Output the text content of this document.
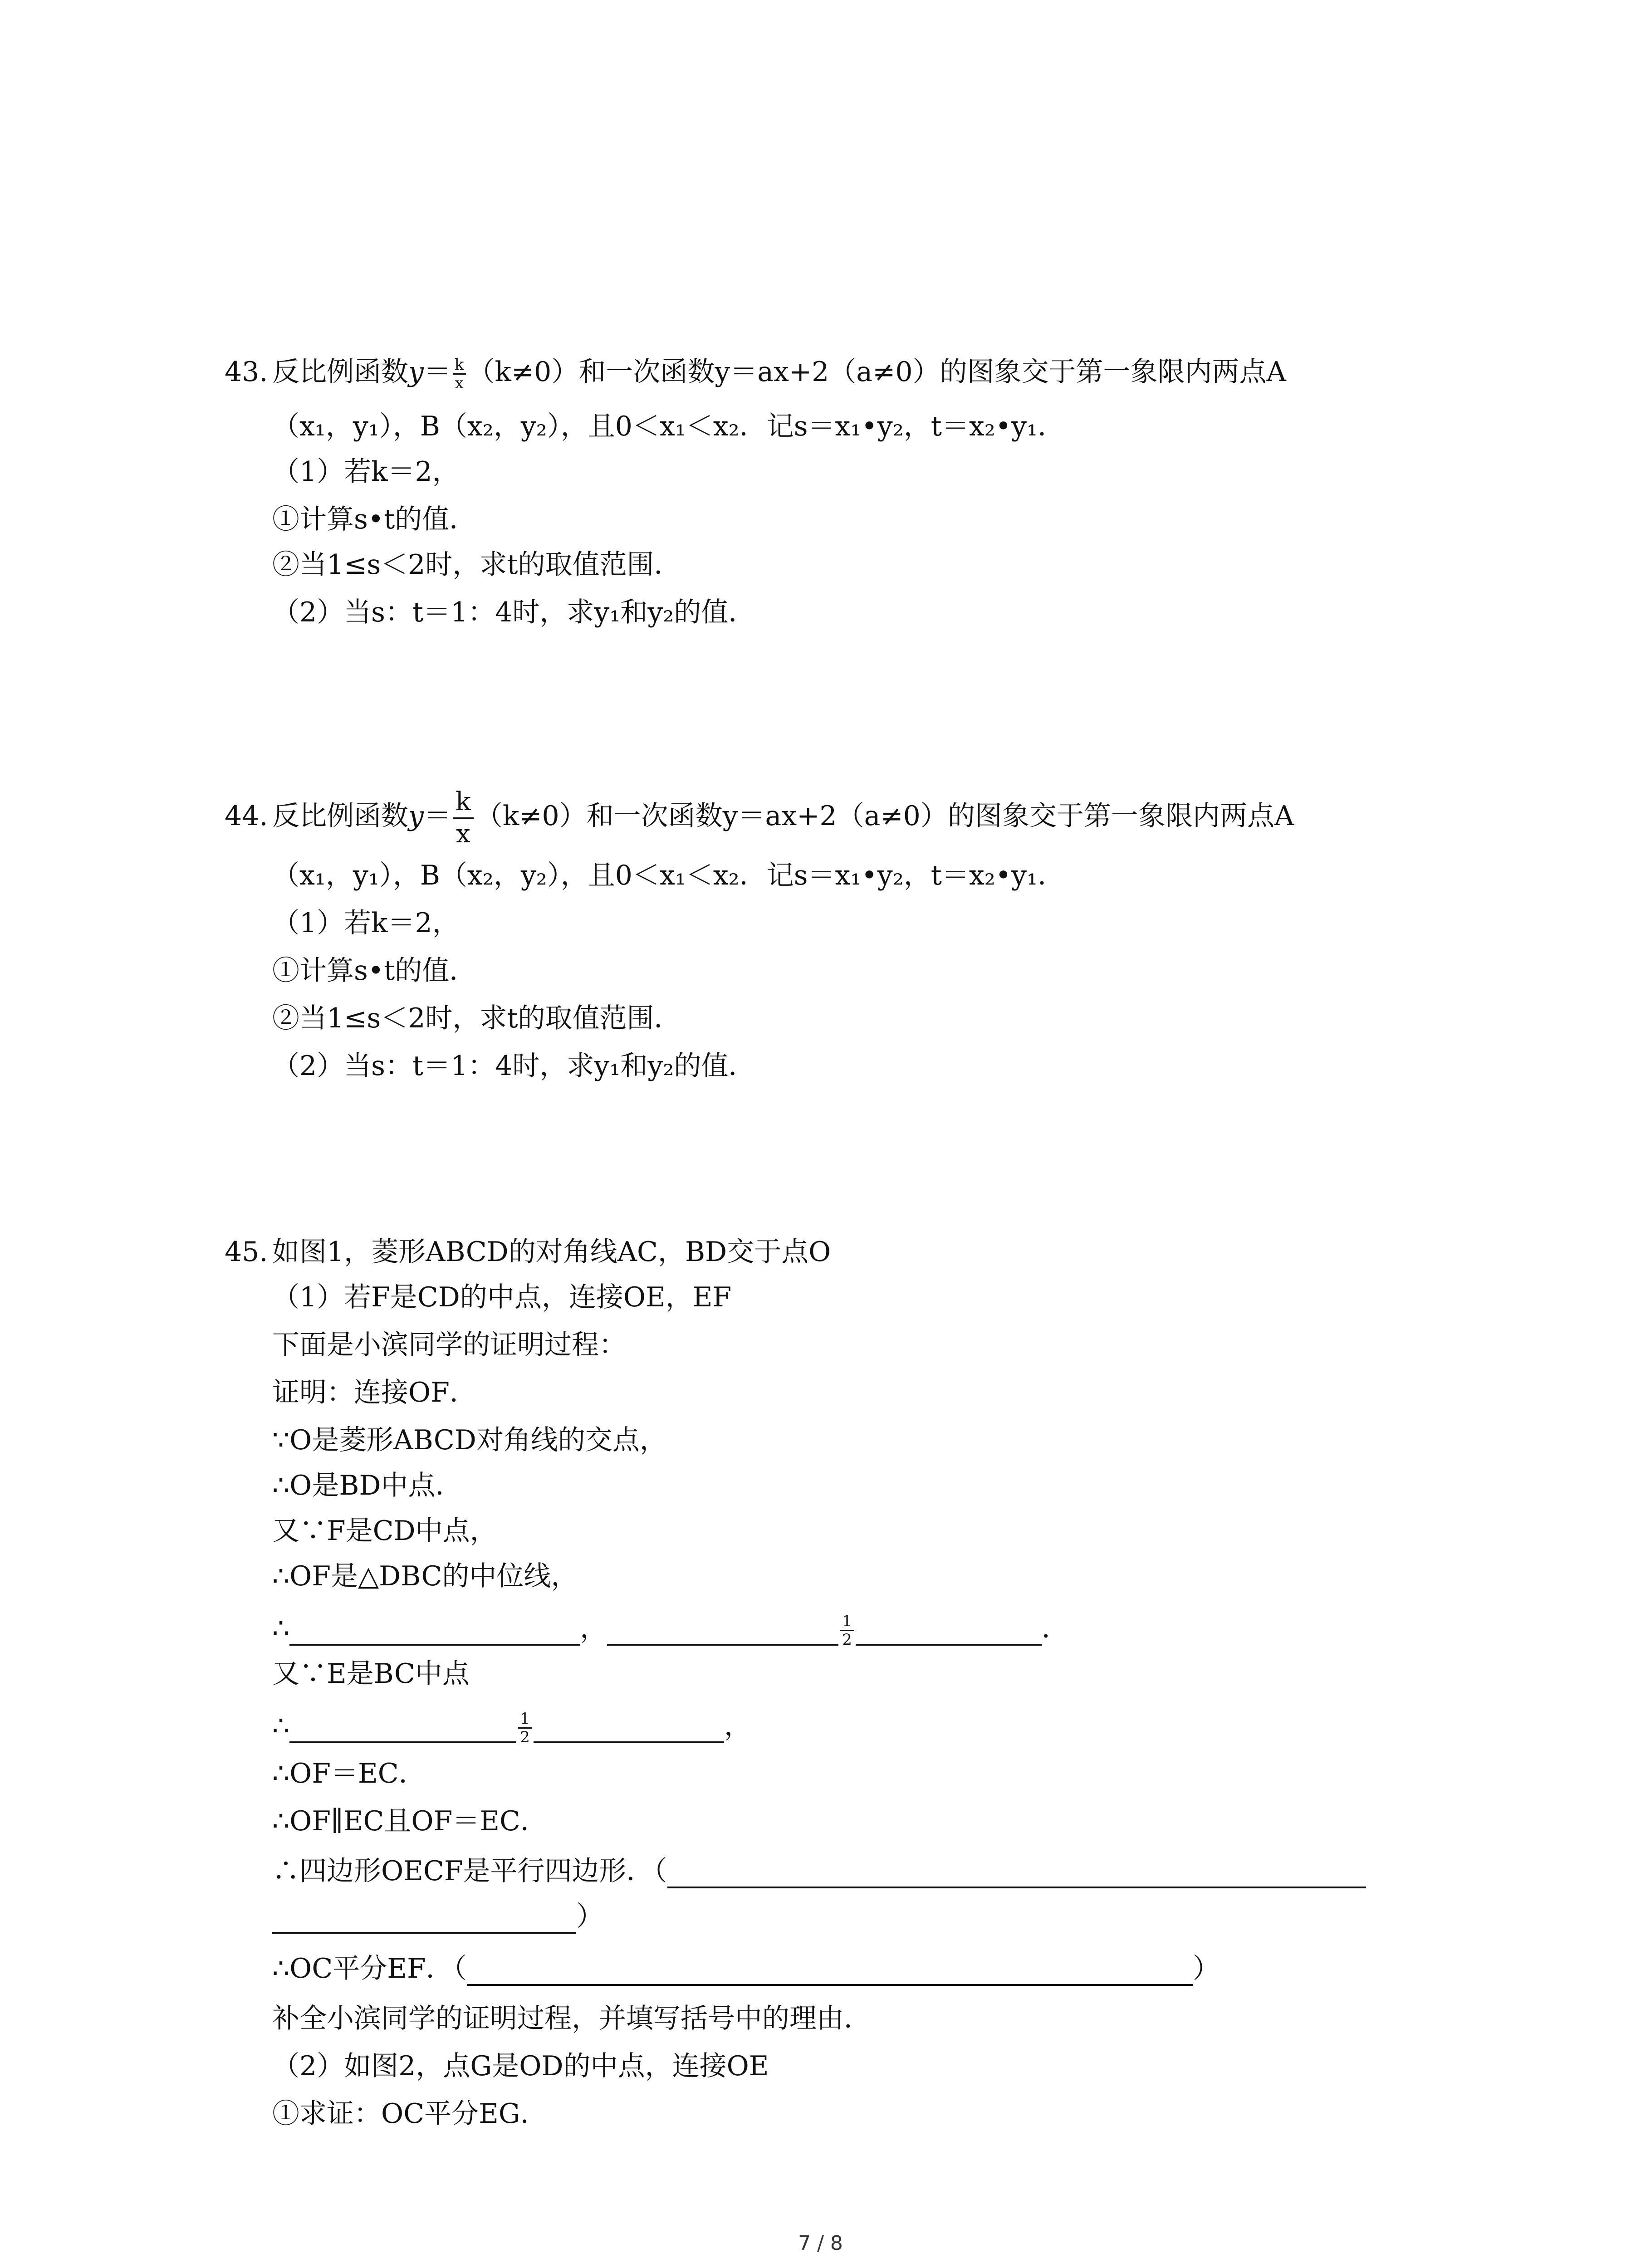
43. 反比例函数$y= \frac{k}{x} (k\ne 0)$和一次函数y＝ax+2（a≠0）的图象交于第一象限内两点A
（x₁，y₁），B（x₂，y₂），且0＜x₁＜x₂．记s＝x₁•y₂，t＝x₂•y₁．
（1）若k＝2，
①计算s•t的值．
②当1≤s＜2时，求t的取值范围．
（2）当s：t＝1：4时，求y₁和y₂的值．
44. 反比例函数$y= \frac{k}{x} (k\ne 0)$和一次函数y＝ax+2（a≠0）的图象交于第一象限内两点A
（x₁，y₁），B（x₂，y₂），且0＜x₁＜x₂．记s＝x₁•y₂，t＝x₂•y₁．
（1）若k＝2，
①计算s•t的值．
②当1≤s＜2时，求t的取值范围．
（2）当s：t＝1：4时，求y₁和y₂的值．
45. 如图1，菱形ABCD的对角线AC，BD交于点O
（1）若F是CD的中点，连接OE，EF
下面是小滨同学的证明过程：
证明：连接OF．
∵O是菱形ABCD对角线的交点，
∴O是BD中点．
又∵F是CD中点，
∴OF是△DBC的中位线，
∴	，	$\frac{1}{2}$	．
又∵E是BC中点
∴	$\frac{1}{2}$	，
∴OF＝EC．
∴OF∥EC且OF＝EC．
∴四边形OECF是平行四边形．（
）
∴OC平分EF．（	）
补全小滨同学的证明过程，并填写括号中的理由．
（2）如图2，点G是OD的中点，连接OE
①求证：OC平分EG．
7 / 8
